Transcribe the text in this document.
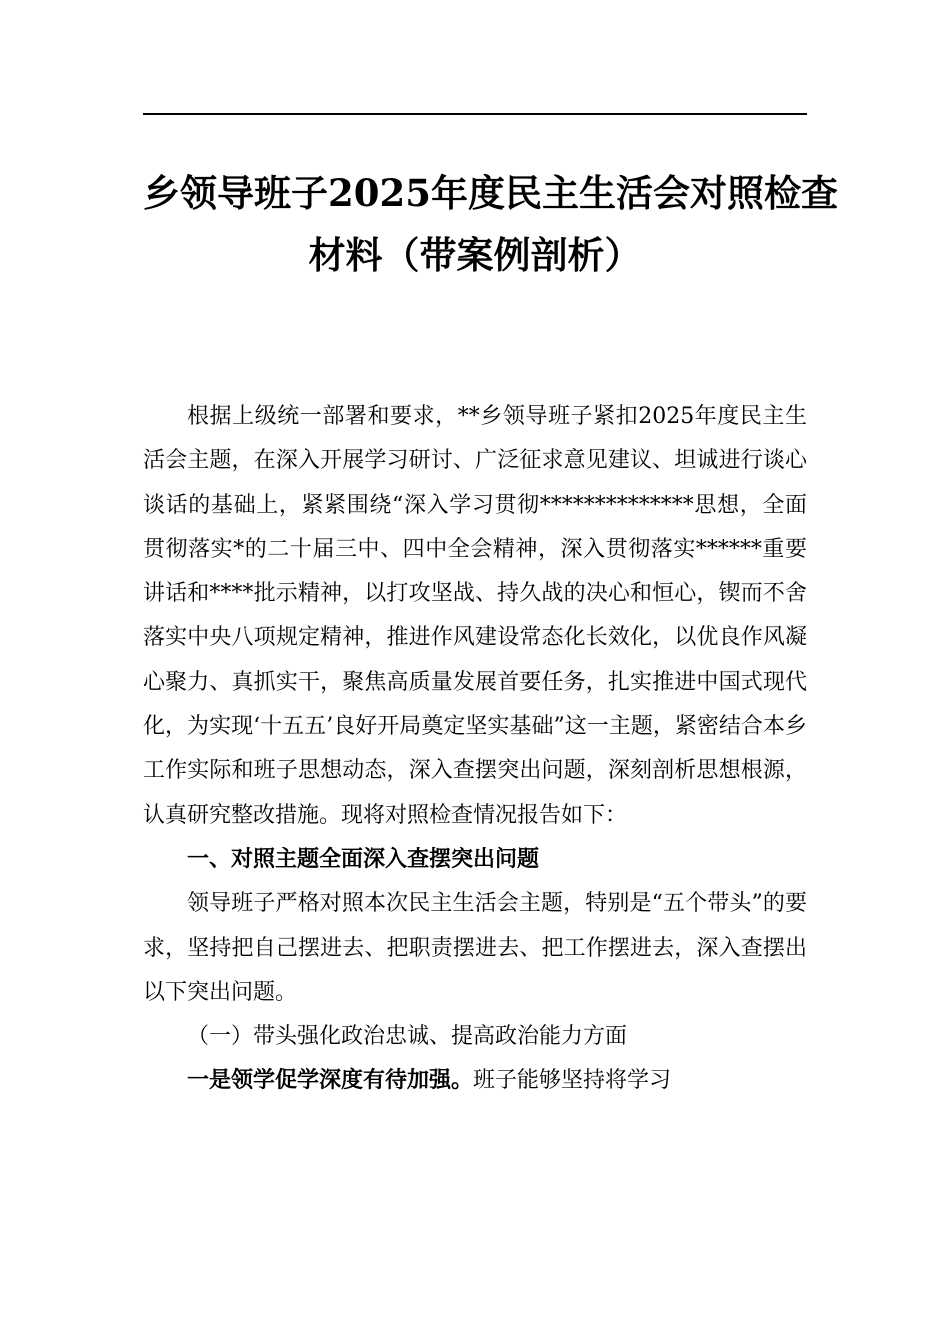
乡领导班子2025年度民主生活会对照检查
材料（带案例剖析）

根据上级统一部署和要求，**乡领导班子紧扣2025年度民主生活会主题，在深入开展学习研讨、广泛征求意见建议、坦诚进行谈心谈话的基础上，紧紧围绕“深入学习贯彻**************思想，全面贯彻落实*的二十届三中、四中全会精神，深入贯彻落实******重要讲话和****批示精神，以打攻坚战、持久战的决心和恒心，锲而不舍落实中央八项规定精神，推进作风建设常态化长效化，以优良作风凝心聚力、真抓实干，聚焦高质量发展首要任务，扎实推进中国式现代化，为实现‘十五五’良好开局奠定坚实基础”这一主题，紧密结合本乡工作实际和班子思想动态，深入查摆突出问题，深刻剖析思想根源，认真研究整改措施。现将对照检查情况报告如下：

一、对照主题全面深入查摆突出问题

领导班子严格对照本次民主生活会主题，特别是“五个带头”的要求，坚持把自己摆进去、把职责摆进去、把工作摆进去，深入查摆出以下突出问题。

（一）带头强化政治忠诚、提高政治能力方面

一是领学促学深度有待加强。班子能够坚持将学习
